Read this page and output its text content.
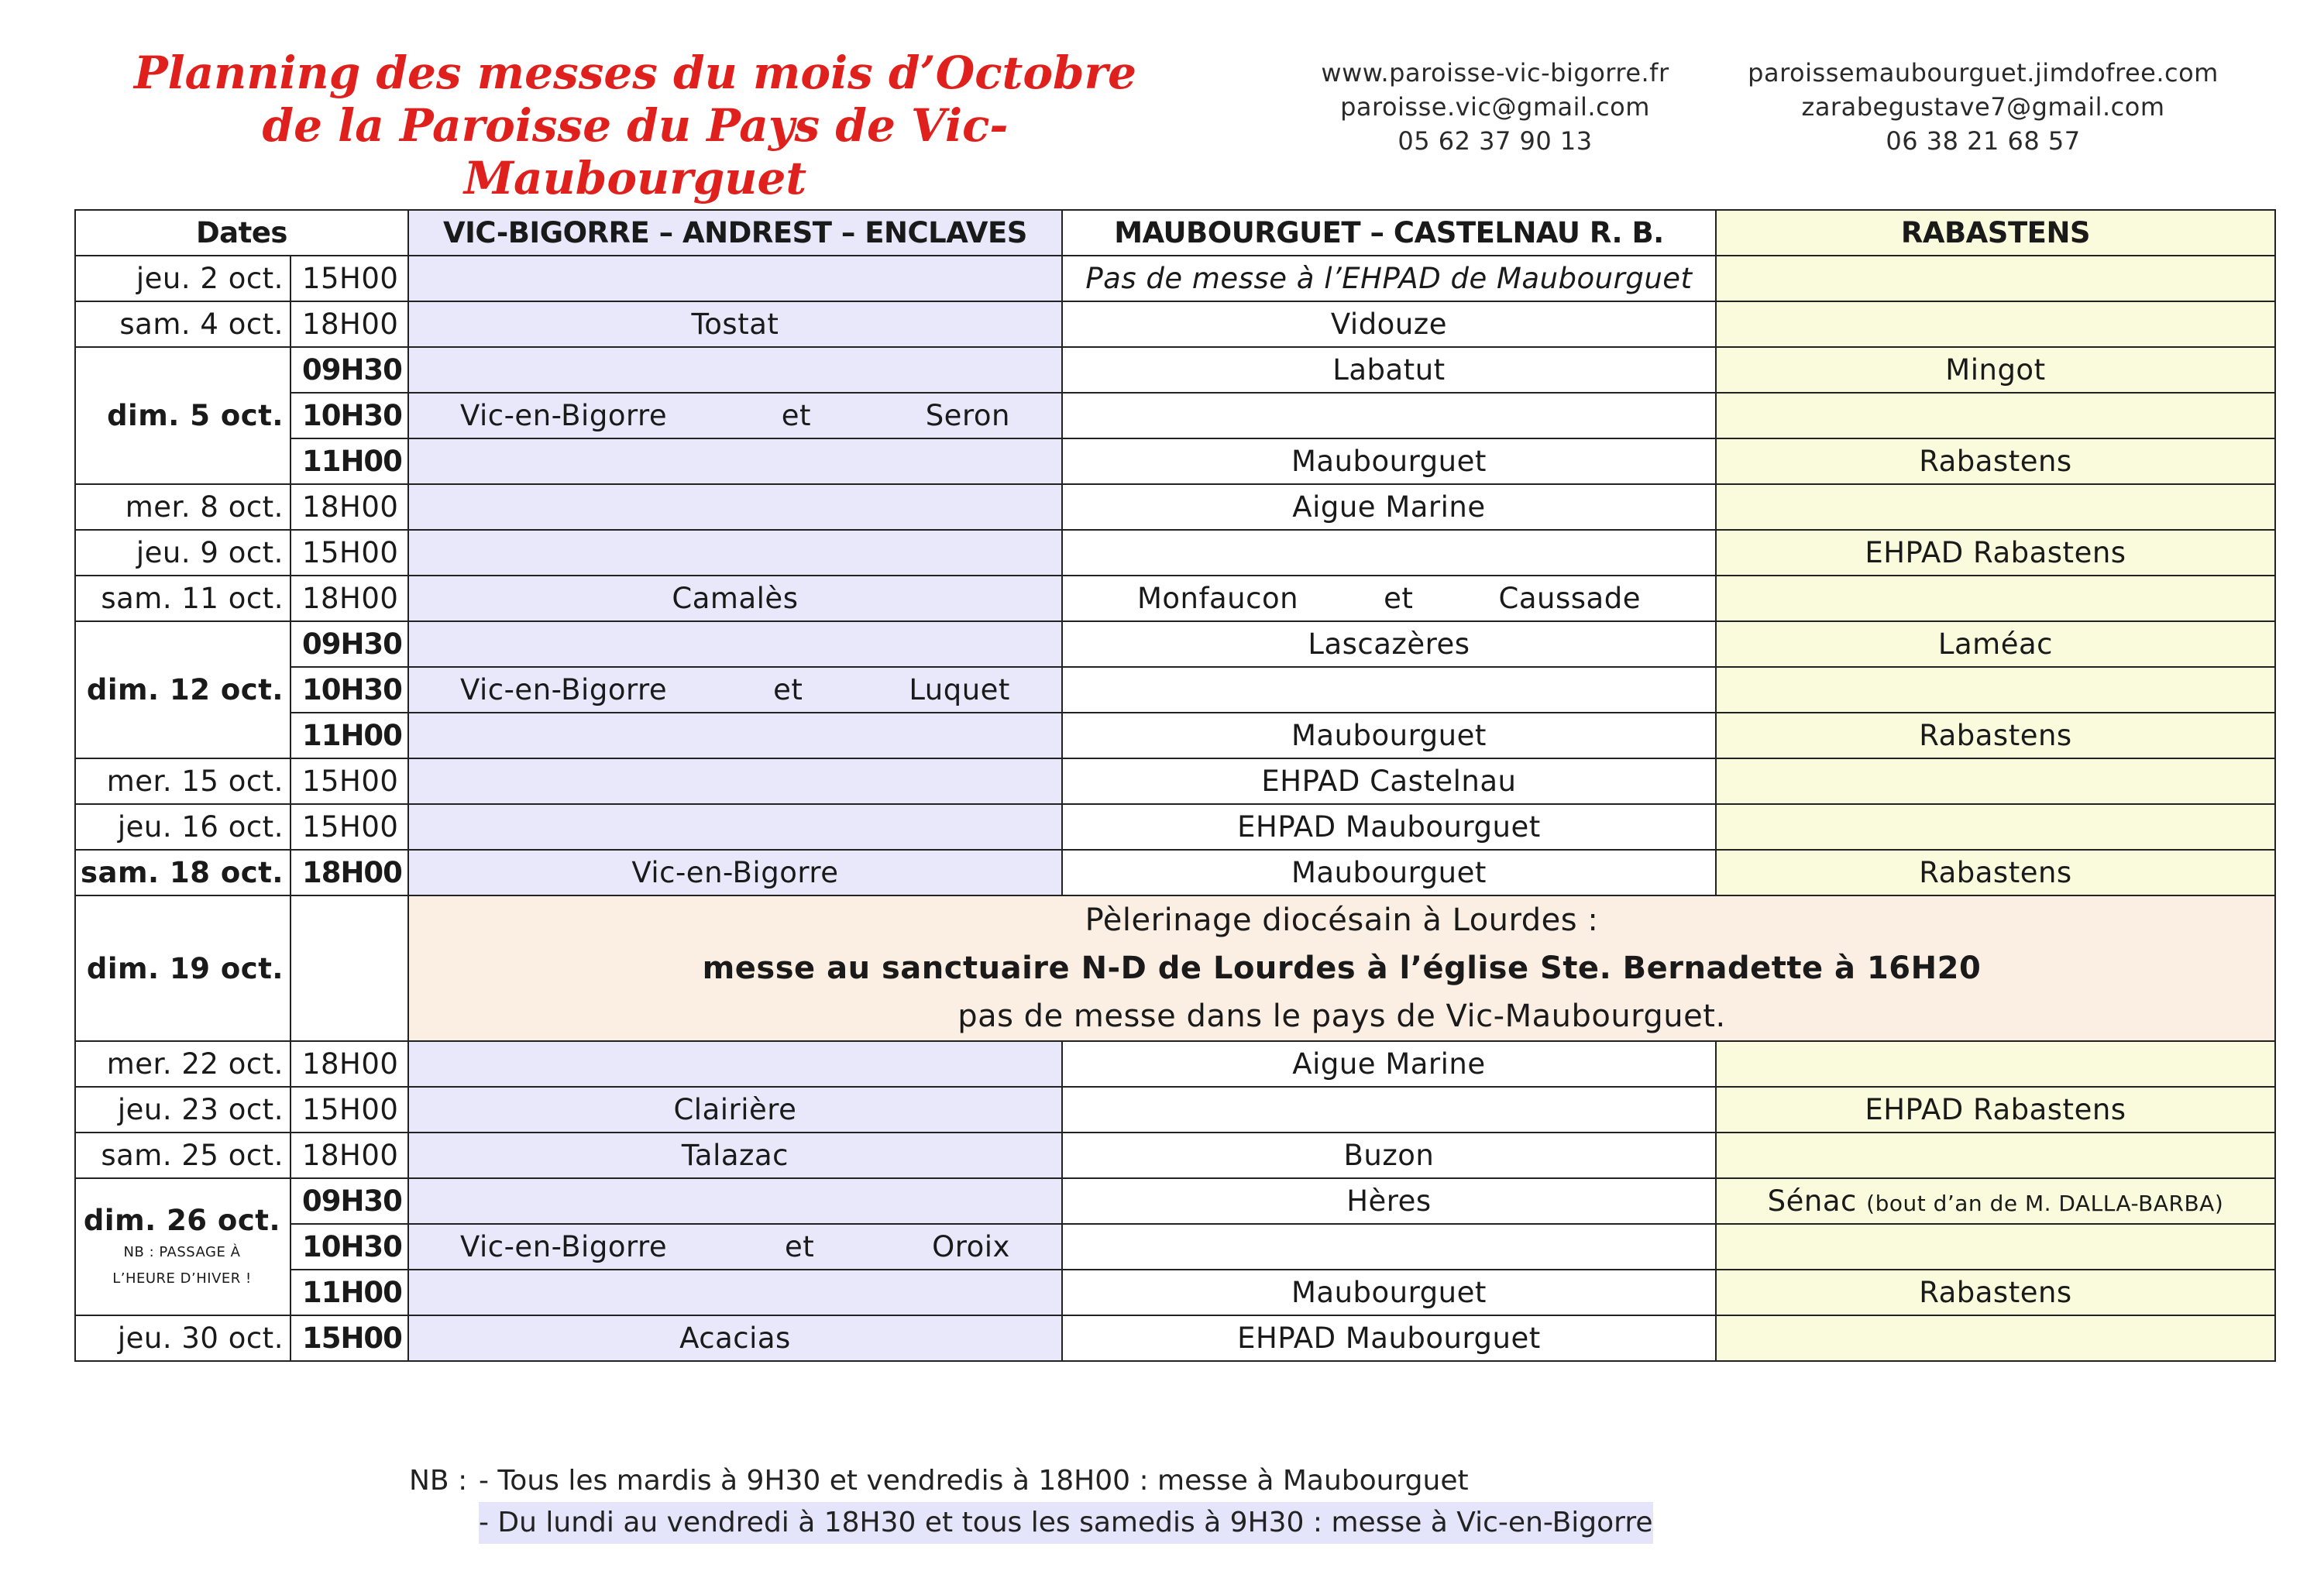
Planning des messes du mois d’Octobre
de la Paroisse du Pays de Vic-Maubourguet
www.paroisse-vic-bigorre.fr
paroisse.vic@gmail.com
05 62 37 90 13
paroissemaubourguet.jimdofree.com
zarabegustave7@gmail.com
06 38 21 68 57
Dates		VIC-BIGORRE – ANDREST – ENCLAVES	MAUBOURGUET – CASTELNAU R. B.	RABASTENS
jeu. 2 oct.	15H00		Pas de messe à l’EHPAD de Maubourguet	
sam. 4 oct.	18H00	Tostat	Vidouze	
dim. 5 oct.	09H30		Labatut	Mingot
	10H30	Vic-en-Bigorre et Seron		

	11H00		Maubourguet	Rabastens
mer. 8 oct.	18H00		Aigue Marine	
jeu. 9 oct.	15H00			EHPAD Rabastens
sam. 11 oct.	18H00	Camalès	Monfaucon et Caussade	

dim. 12 oct.	09H30		Lascazères	Laméac
	10H30	Vic-en-Bigorre et Luquet		

	11H00		Maubourguet	Rabastens
mer. 15 oct.	15H00		EHPAD Castelnau	
jeu. 16 oct.	15H00		EHPAD Maubourguet	
sam. 18 oct.	18H00	Vic-en-Bigorre	Maubourguet	Rabastens
dim. 19 oct.		Pèlerinage diocésain à Lourdes :
messe au sanctuaire N-D de Lourdes à l’église Ste. Bernadette à 16H20
pas de messe dans le pays de Vic-Maubourguet.		

mer. 22 oct.	18H00		Aigue Marine	
jeu. 23 oct.	15H00	Clairière		EHPAD Rabastens
sam. 25 oct.	18H00	Talazac	Buzon	

dim. 26 oct.
NB : PASSAGE À
L’HEURE D’HIVER !	09H30		Hères	Sénac (bout d’an de M. DALLA-BARBA)
	10H30	Vic-en-Bigorre et Oroix		

	11H00		Maubourguet	Rabastens
jeu. 30 oct.	15H00	Acacias	EHPAD Maubourguet	
NB : - Tous les mardis à 9H30 et vendredis à 18H00 : messe à Maubourguet
- Du lundi au vendredi à 18H30 et tous les samedis à 9H30 : messe à Vic-en-Bigorre
